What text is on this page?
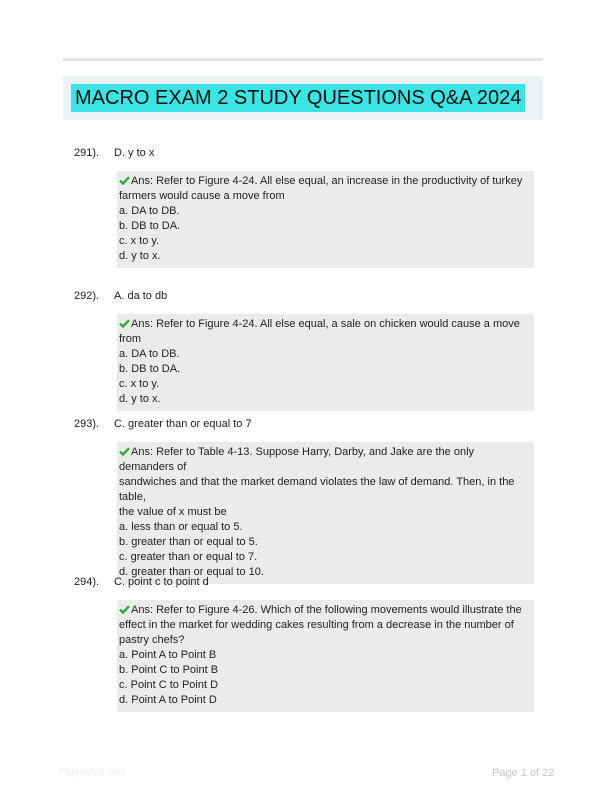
MACRO EXAM 2 STUDY QUESTIONS Q&A 2024
291). D. y to x
Ans: Refer to Figure 4-24. All else equal, an increase in the productivity of turkey
farmers would cause a move from
a. DA to DB.
b. DB to DA.
c. x to y.
d. y to x.
292). A. da to db
Ans: Refer to Figure 4-24. All else equal, a sale on chicken would cause a move from
a. DA to DB.
b. DB to DA.
c. x to y.
d. y to x.
293). C. greater than or equal to 7
Ans: Refer to Table 4-13. Suppose Harry, Darby, and Jake are the only demanders of
sandwiches and that the market demand violates the law of demand. Then, in the table,
the value of x must be
a. less than or equal to 5.
b. greater than or equal to 5.
c. greater than or equal to 7.
d. greater than or equal to 10.
294). C. point c to point d
Ans: Refer to Figure 4-26. Which of the following movements would illustrate the
effect in the market for wedding cakes resulting from a decrease in the number of
pastry chefs?
a. Point A to Point B
b. Point C to Point B
c. Point C to Point D
d. Point A to Point D
Paperstrib.com	Page 1 of 22
